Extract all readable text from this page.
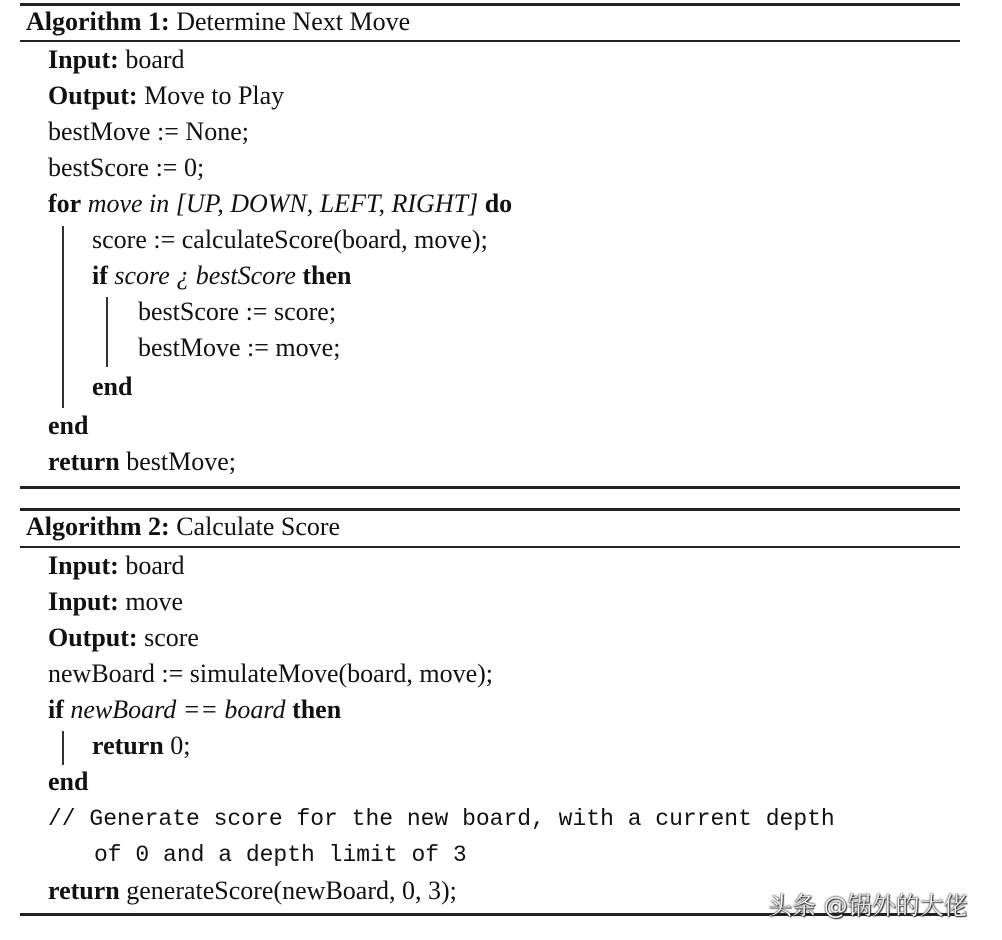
Algorithm 1: Determine Next Move
Input: board
Output: Move to Play
bestMove := None;
bestScore := 0;
for move in [UP, DOWN, LEFT, RIGHT] do
score := calculateScore(board, move);
if score ¿ bestScore then
bestScore := score;
bestMove := move;
end
end
return bestMove;
Algorithm 2: Calculate Score
Input: board
Input: move
Output: score
newBoard := simulateMove(board, move);
if newBoard == board then
return 0;
end
// Generate score for the new board, with a current depth
of 0 and a depth limit of 3
return generateScore(newBoard, 0, 3);
头条 @锅外的大佬
